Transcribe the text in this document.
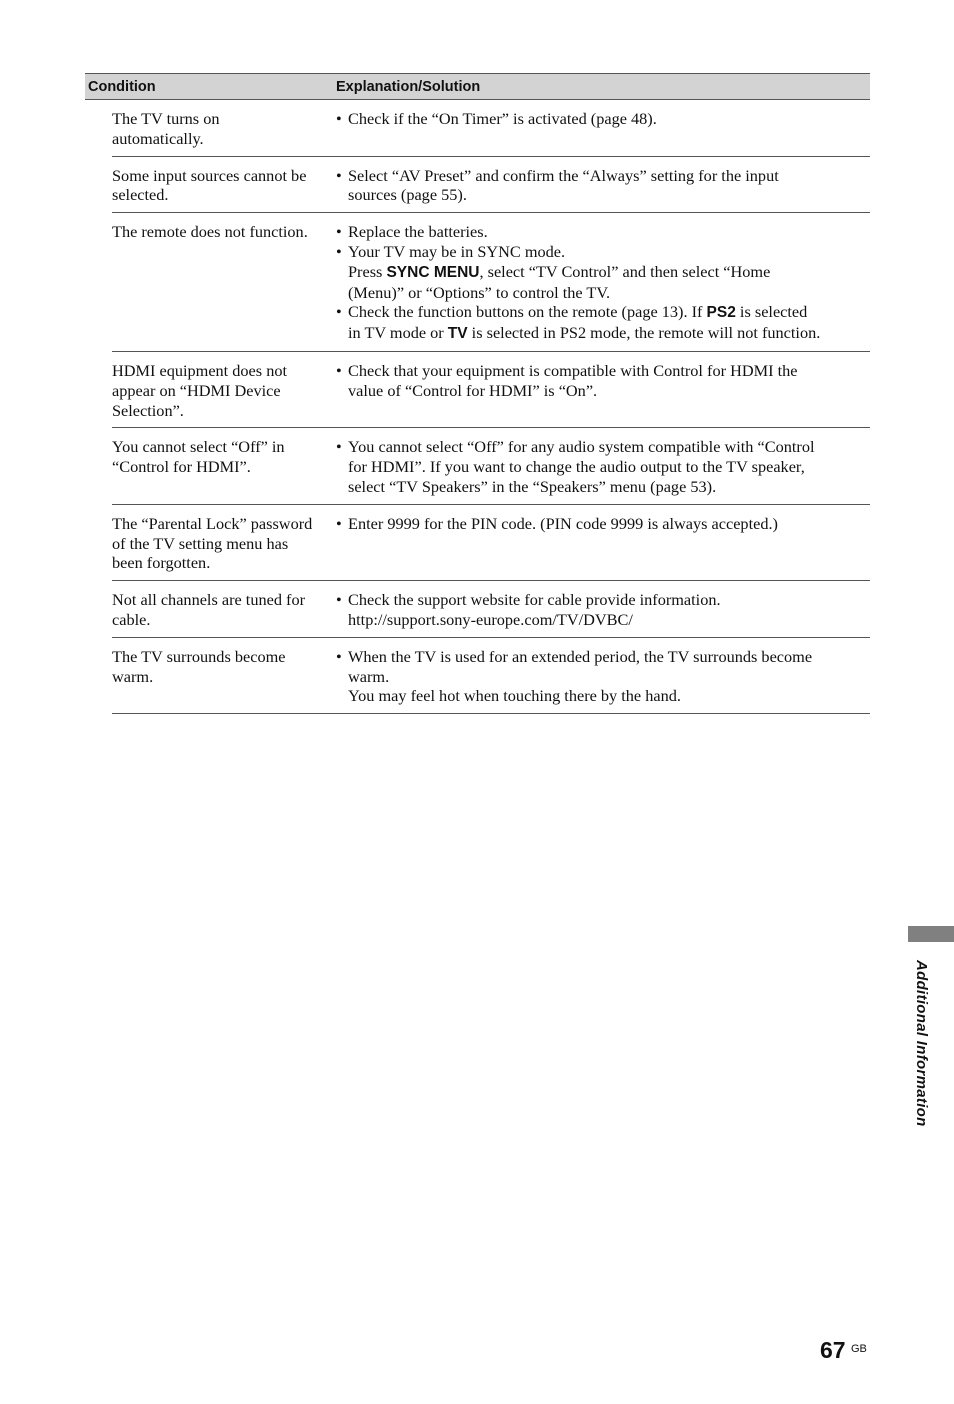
Condition	Explanation/Solution
The TV turns on
automatically.
• Check if the “On Timer” is activated (page 48).
Some input sources cannot be
selected.
• Select “AV Preset” and confirm the “Always” setting for the input
sources (page 55).
The remote does not function.	• Replace the batteries.
• Your TV may be in SYNC mode.
Press SYNC MENU, select “TV Control” and then select “Home
(Menu)” or “Options” to control the TV.
• Check the function buttons on the remote (page 13). If PS2 is selected
in TV mode or TV is selected in PS2 mode, the remote will not function.
HDMI equipment does not
appear on “HDMI Device
Selection”.
• Check that your equipment is compatible with Control for HDMI the
value of “Control for HDMI” is “On”.
You cannot select “Off” in
“Control for HDMI”.
• You cannot select “Off” for any audio system compatible with “Control
for HDMI”. If you want to change the audio output to the TV speaker,
select “TV Speakers” in the “Speakers” menu (page 53).
The “Parental Lock” password
of the TV setting menu has
been forgotten.
• Enter 9999 for the PIN code. (PIN code 9999 is always accepted.)
Not all channels are tuned for
cable.
• Check the support website for cable provide information.
http://support.sony-europe.com/TV/DVBC/
The TV surrounds become
warm.
• When the TV is used for an extended period, the TV surrounds become
warm.
You may feel hot when touching there by the hand.
Additional Information
67 GB
